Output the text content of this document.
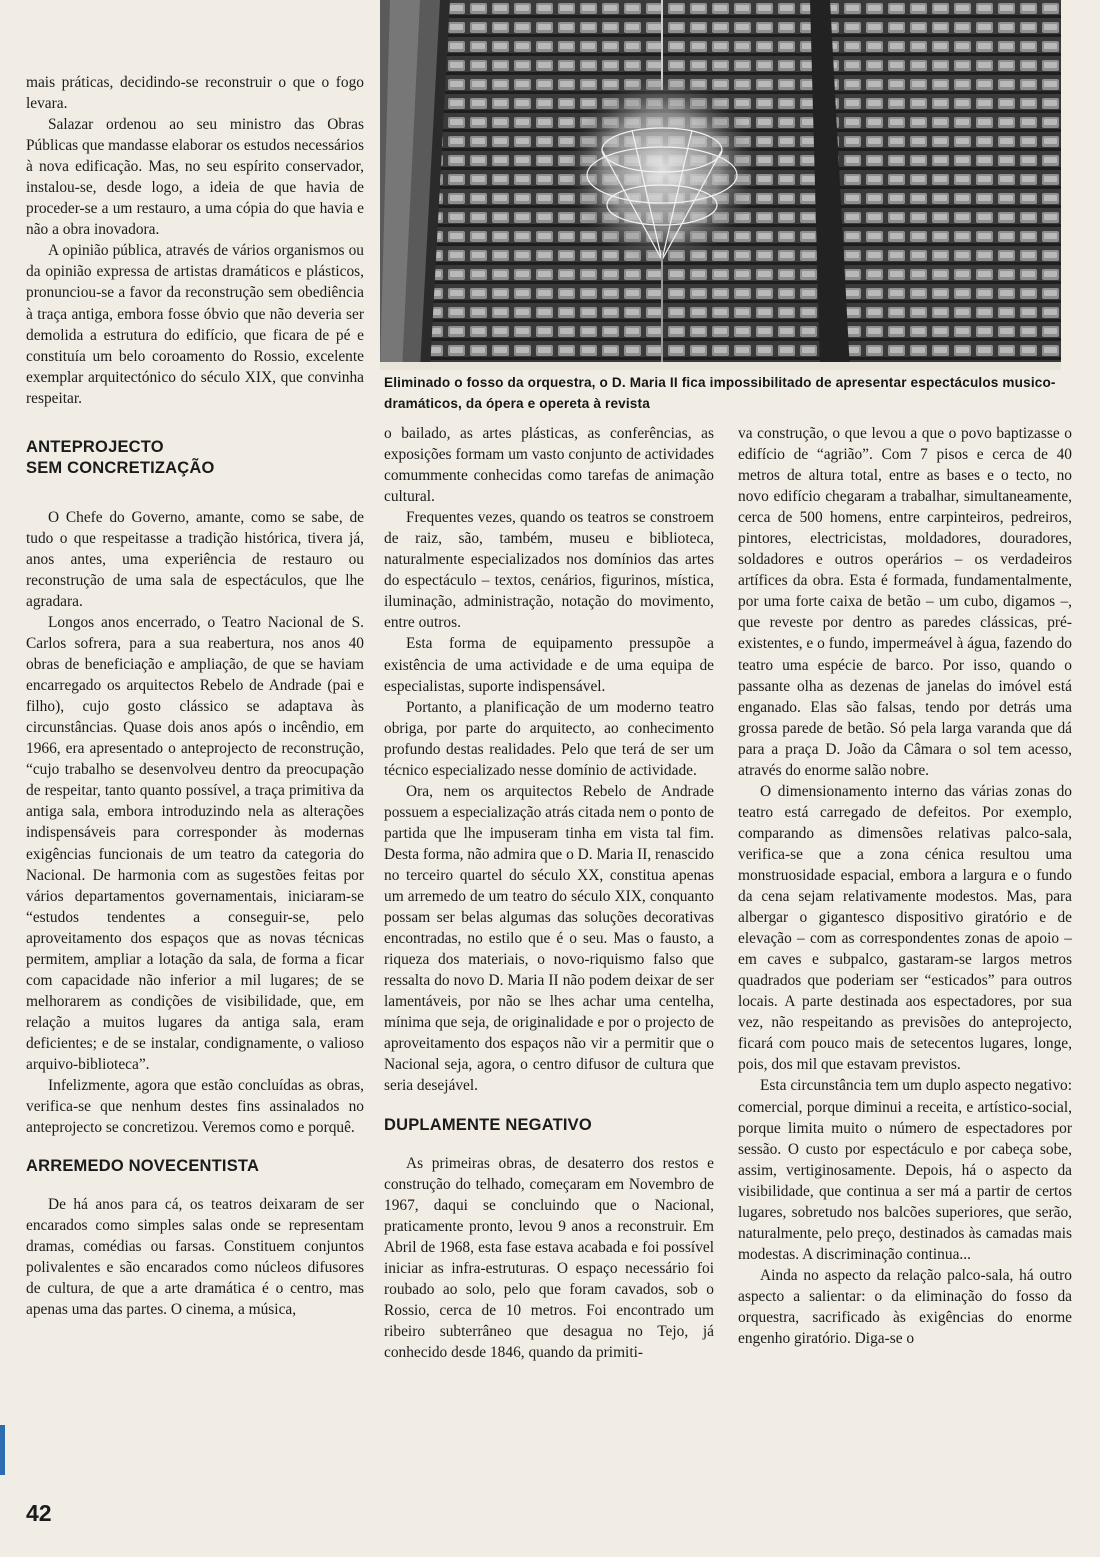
Eliminado o fosso da orquestra, o D. Maria II fica impossibilitado de apresentar espectáculos musico-dramáticos, da ópera e opereta à revista

mais práticas, decidindo-se reconstruir o que o fogo levara.

Salazar ordenou ao seu ministro das Obras Públicas que mandasse elaborar os estudos necessários à nova edificação. Mas, no seu espírito conservador, instalou-se, desde logo, a ideia de que havia de proceder-se a um restauro, a uma cópia do que havia e não a obra inovadora.

A opinião pública, através de vários organismos ou da opinião expressa de artistas dramáticos e plásticos, pronunciou-se a favor da reconstrução sem obediência à traça antiga, embora fosse óbvio que não deveria ser demolida a estrutura do edifício, que ficara de pé e constituía um belo coroamento do Rossio, excelente exemplar arquitectónico do século XIX, que convinha respeitar.

ANTEPROJECTO
SEM CONCRETIZAÇÃO

O Chefe do Governo, amante, como se sabe, de tudo o que respeitasse a tradição histórica, tivera já, anos antes, uma experiência de restauro ou reconstrução de uma sala de espectáculos, que lhe agradara.

Longos anos encerrado, o Teatro Nacional de S. Carlos sofrera, para a sua reabertura, nos anos 40 obras de beneficiação e ampliação, de que se haviam encarregado os arquitectos Rebelo de Andrade (pai e filho), cujo gosto clássico se adaptava às circunstâncias. Quase dois anos após o incêndio, em 1966, era apresentado o anteprojecto de reconstrução, “cujo trabalho se desenvolveu dentro da preocupação de respeitar, tanto quanto possível, a traça primitiva da antiga sala, embora introduzindo nela as alterações indispensáveis para corresponder às modernas exigências funcionais de um teatro da categoria do Nacional. De harmonia com as sugestões feitas por vários departamentos governamentais, iniciaram-se “estudos tendentes a conseguir-se, pelo aproveitamento dos espaços que as novas técnicas permitem, ampliar a lotação da sala, de forma a ficar com capacidade não inferior a mil lugares; de se melhorarem as condições de visibilidade, que, em relação a muitos lugares da antiga sala, eram deficientes; e de se instalar, condignamente, o valioso arquivo-biblioteca”.

Infelizmente, agora que estão concluídas as obras, verifica-se que nenhum destes fins assinalados no anteprojecto se concretizou. Veremos como e porquê.

ARREMEDO NOVECENTISTA

De há anos para cá, os teatros deixaram de ser encarados como simples salas onde se representam dramas, comédias ou farsas. Constituem conjuntos polivalentes e são encarados como núcleos difusores de cultura, de que a arte dramática é o centro, mas apenas uma das partes. O cinema, a música,

o bailado, as artes plásticas, as conferências, as exposições formam um vasto conjunto de actividades comummente conhecidas como tarefas de animação cultural.

Frequentes vezes, quando os teatros se constroem de raiz, são, também, museu e biblioteca, naturalmente especializados nos domínios das artes do espectáculo – textos, cenários, figurinos, mística, iluminação, administração, notação do movimento, entre outros.

Esta forma de equipamento pressupõe a existência de uma actividade e de uma equipa de especialistas, suporte indispensável.

Portanto, a planificação de um moderno teatro obriga, por parte do arquitecto, ao conhecimento profundo destas realidades. Pelo que terá de ser um técnico especializado nesse domínio de actividade.

Ora, nem os arquitectos Rebelo de Andrade possuem a especialização atrás citada nem o ponto de partida que lhe impuseram tinha em vista tal fim. Desta forma, não admira que o D. Maria II, renascido no terceiro quartel do século XX, constitua apenas um arremedo de um teatro do século XIX, conquanto possam ser belas algumas das soluções decorativas encontradas, no estilo que é o seu. Mas o fausto, a riqueza dos materiais, o novo-riquismo falso que ressalta do novo D. Maria II não podem deixar de ser lamentáveis, por não se lhes achar uma centelha, mínima que seja, de originalidade e por o projecto de aproveitamento dos espaços não vir a permitir que o Nacional seja, agora, o centro difusor de cultura que seria desejável.

DUPLAMENTE NEGATIVO

As primeiras obras, de desaterro dos restos e construção do telhado, começaram em Novembro de 1967, daqui se concluindo que o Nacional, praticamente pronto, levou 9 anos a reconstruir. Em Abril de 1968, esta fase estava acabada e foi possível iniciar as infra-estruturas. O espaço necessário foi roubado ao solo, pelo que foram cavados, sob o Rossio, cerca de 10 metros. Foi encontrado um ribeiro subterrâneo que desagua no Tejo, já conhecido desde 1846, quando da primiti-

va construção, o que levou a que o povo baptizasse o edifício de “agrião”. Com 7 pisos e cerca de 40 metros de altura total, entre as bases e o tecto, no novo edifício chegaram a trabalhar, simultaneamente, cerca de 500 homens, entre carpinteiros, pedreiros, pintores, electricistas, moldadores, douradores, soldadores e outros operários – os verdadeiros artífices da obra. Esta é formada, fundamentalmente, por uma forte caixa de betão – um cubo, digamos –, que reveste por dentro as paredes clássicas, pré-existentes, e o fundo, impermeável à água, fazendo do teatro uma espécie de barco. Por isso, quando o passante olha as dezenas de janelas do imóvel está enganado. Elas são falsas, tendo por detrás uma grossa parede de betão. Só pela larga varanda que dá para a praça D. João da Câmara o sol tem acesso, através do enorme salão nobre.

O dimensionamento interno das várias zonas do teatro está carregado de defeitos. Por exemplo, comparando as dimensões relativas palco-sala, verifica-se que a zona cénica resultou uma monstruosidade espacial, embora a largura e o fundo da cena sejam relativamente modestos. Mas, para albergar o gigantesco dispositivo giratório e de elevação – com as correspondentes zonas de apoio – em caves e subpalco, gastaram-se largos metros quadrados que poderiam ser “esticados” para outros locais. A parte destinada aos espectadores, por sua vez, não respeitando as previsões do anteprojecto, ficará com pouco mais de setecentos lugares, longe, pois, dos mil que estavam previstos.

Esta circunstância tem um duplo aspecto negativo: comercial, porque diminui a receita, e artístico-social, porque limita muito o número de espectadores por sessão. O custo por espectáculo e por cabeça sobe, assim, vertiginosamente. Depois, há o aspecto da visibilidade, que continua a ser má a partir de certos lugares, sobretudo nos balcões superiores, que serão, naturalmente, pelo preço, destinados às camadas mais modestas. A discriminação continua...

Ainda no aspecto da relação palco-sala, há outro aspecto a salientar: o da eliminação do fosso da orquestra, sacrificado às exigências do enorme engenho giratório. Diga-se o

42
